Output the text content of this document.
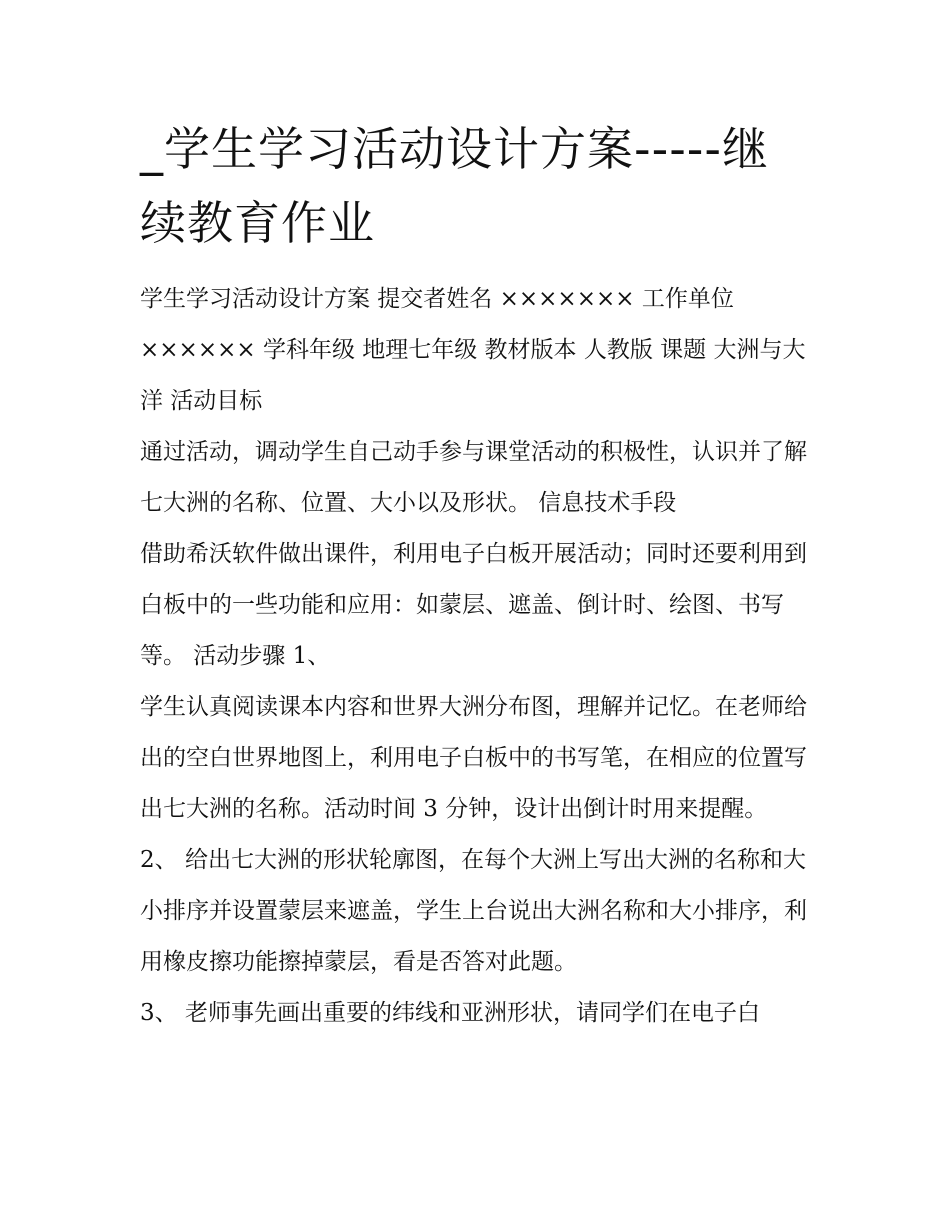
_学生学习活动设计方案-----继续教育作业

学生学习活动设计方案 提交者姓名 ××××××× 工作单位 ×××××× 学科年级 地理七年级 教材版本 人教版 课题 大洲与大洋 活动目标

通过活动，调动学生自己动手参与课堂活动的积极性，认识并了解七大洲的名称、位置、大小以及形状。 信息技术手段

借助希沃软件做出课件，利用电子白板开展活动；同时还要利用到白板中的一些功能和应用：如蒙层、遮盖、倒计时、绘图、书写等。 活动步骤 1、

学生认真阅读课本内容和世界大洲分布图，理解并记忆。在老师给出的空白世界地图上，利用电子白板中的书写笔，在相应的位置写出七大洲的名称。活动时间 3 分钟，设计出倒计时用来提醒。

2、 给出七大洲的形状轮廓图，在每个大洲上写出大洲的名称和大小排序并设置蒙层来遮盖，学生上台说出大洲名称和大小排序，利用橡皮擦功能擦掉蒙层，看是否答对此题。

3、 老师事先画出重要的纬线和亚洲形状，请同学们在电子白
